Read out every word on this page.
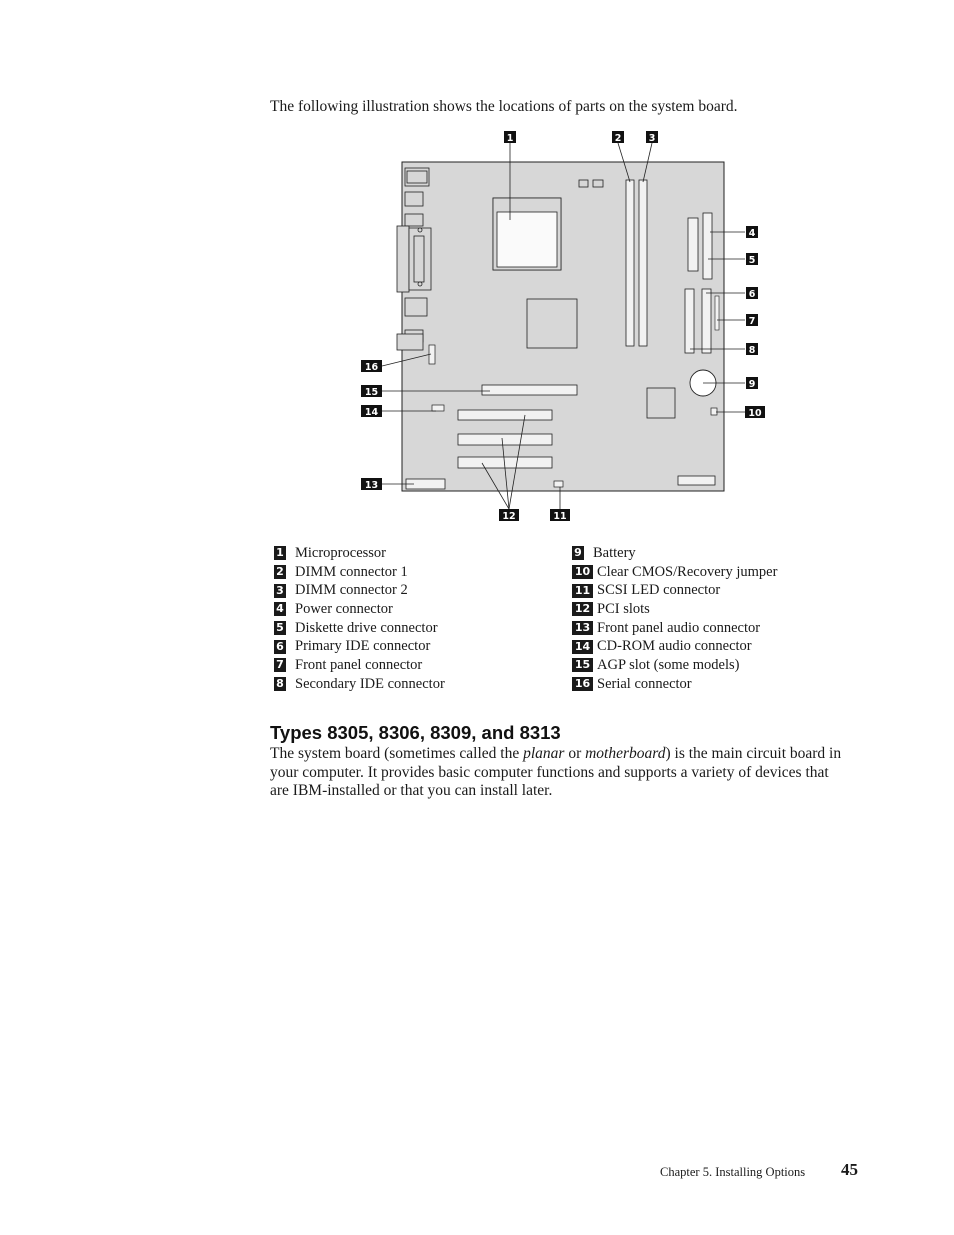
The following illustration shows the locations of parts on the system board.

1	2	3
4
5
6
7
8
9
10
11
12
13
14
15
16
1 Microprocessor
2 DIMM connector 1
3 DIMM connector 2
4 Power connector
5 Diskette drive connector
6 Primary IDE connector
7 Front panel connector
8 Secondary IDE connector
9 Battery
10 Clear CMOS/Recovery jumper
11 SCSI LED connector
12 PCI slots
13 Front panel audio connector
14 CD-ROM audio connector
15 AGP slot (some models)
16 Serial connector
Types 8305, 8306, 8309, and 8313

The system board (sometimes called the planar or motherboard) is the main circuit board in your computer. It provides basic computer functions and supports a variety of devices that are IBM-installed or that you can install later.

Chapter 5. Installing Options 45
